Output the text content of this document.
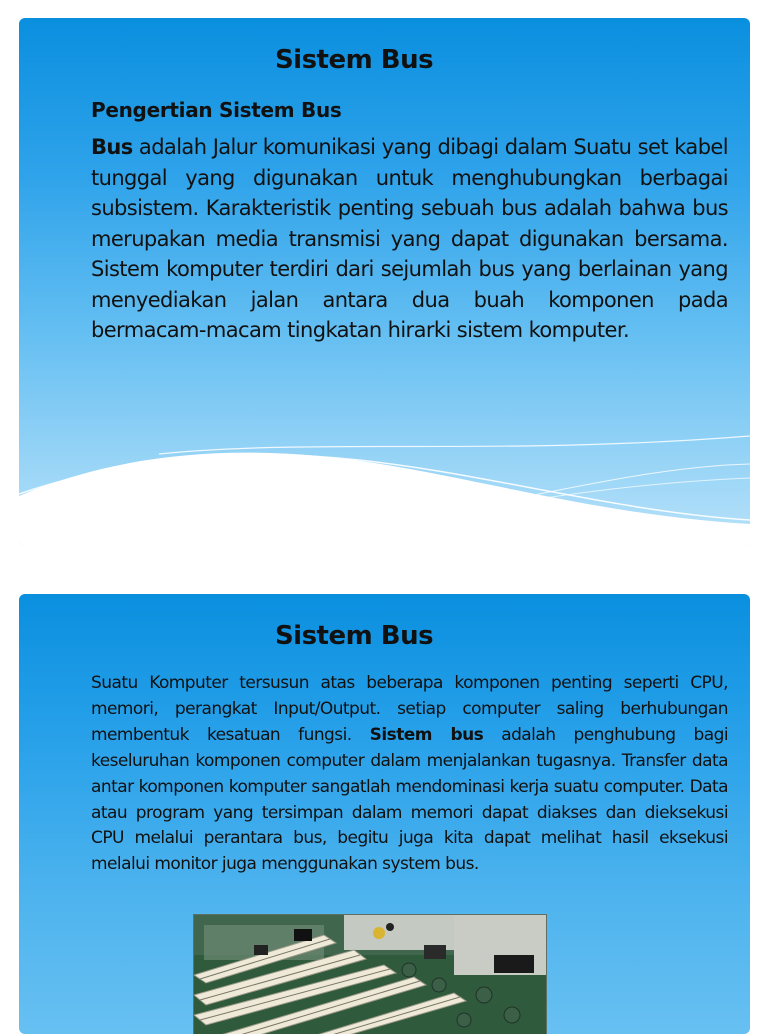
Sistem Bus
Pengertian Sistem Bus

Bus adalah Jalur komunikasi yang dibagi dalam Suatu set kabel tunggal yang digunakan untuk menghubungkan berbagai subsistem. Karakteristik penting sebuah bus adalah bahwa bus merupakan media transmisi yang dapat digunakan bersama. Sistem komputer terdiri dari sejumlah bus yang berlainan yang menyediakan jalan antara dua buah komponen pada bermacam-macam tingkatan hirarki sistem komputer.

Sistem Bus

Suatu Komputer tersusun atas beberapa komponen penting seperti CPU, memori, perangkat Input/Output. setiap computer saling berhubungan membentuk kesatuan fungsi. Sistem bus adalah penghubung bagi keseluruhan komponen computer dalam menjalankan tugasnya. Transfer data antar komponen komputer sangatlah mendominasi kerja suatu computer. Data atau program yang tersimpan dalam memori dapat diakses dan dieksekusi CPU melalui perantara bus, begitu juga kita dapat melihat hasil eksekusi melalui monitor juga menggunakan system bus.
